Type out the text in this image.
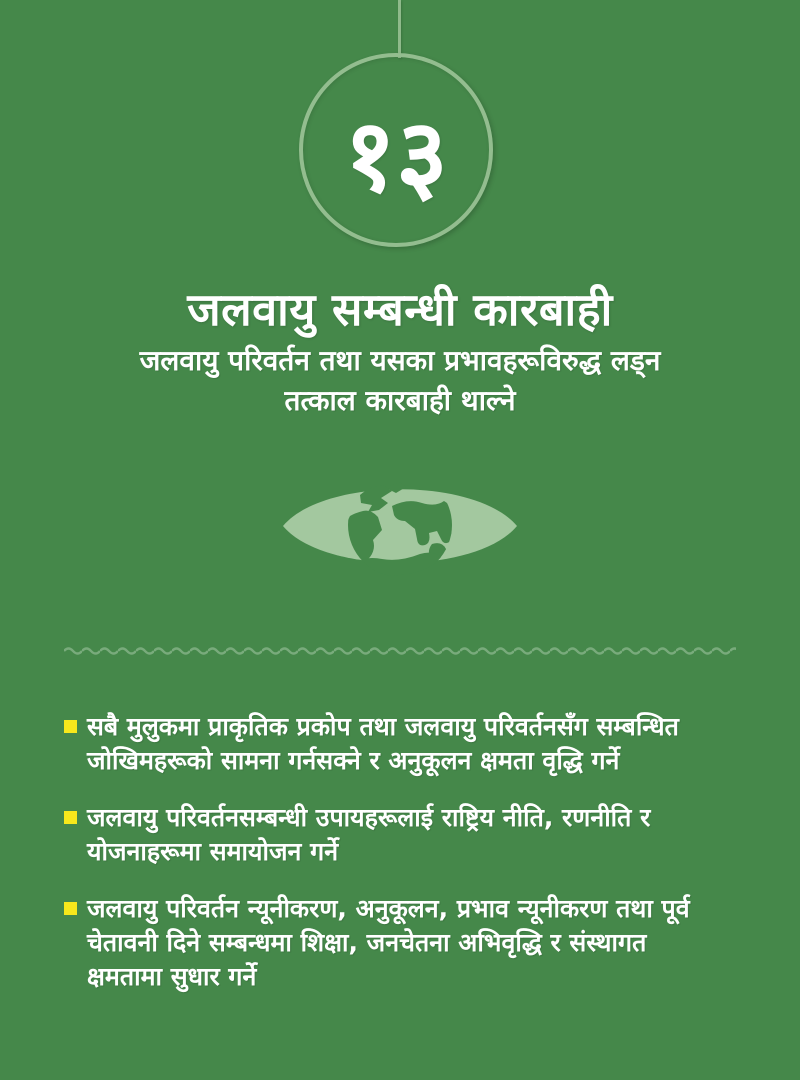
१३
जलवायु सम्बन्धी कारबाही

जलवायु परिवर्तन तथा यसका प्रभावहरूविरुद्ध लड्न
तत्काल कारबाही थाल्ने

सबै मुलुकमा प्राकृतिक प्रकोप तथा जलवायु परिवर्तनसँग सम्बन्धित जोखिमहरूको सामना गर्नसक्ने र अनुकूलन क्षमता वृद्धि गर्ने
जलवायु परिवर्तनसम्बन्धी उपायहरूलाई राष्ट्रिय नीति, रणनीति र योजनाहरूमा समायोजन गर्ने
जलवायु परिवर्तन न्यूनीकरण, अनुकूलन, प्रभाव न्यूनीकरण तथा पूर्व चेतावनी दिने सम्बन्धमा शिक्षा, जनचेतना अभिवृद्धि र संस्थागत क्षमतामा सुधार गर्ने
